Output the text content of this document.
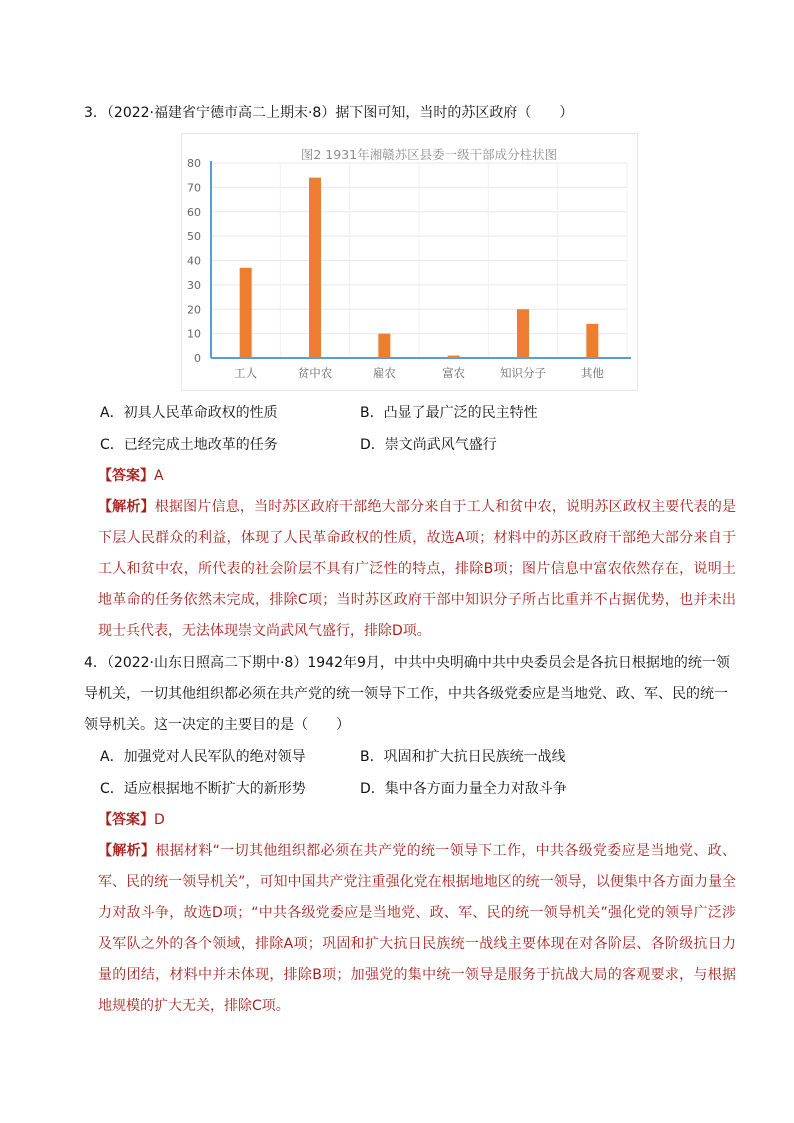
3．（2022·福建省宁德市高二上期末·8）据下图可知，当时的苏区政府（　　）
图2 1931年湘赣苏区县委一级干部成分柱状图
0
10
20
30
40
50
60
70
80
工人	贫中农	雇农	富农	知识分子	其他
A．初具人民革命政权的性质	B．凸显了最广泛的民主特性
C．已经完成土地改革的任务	D．崇文尚武风气盛行
【答案】A
【解析】根据图片信息，当时苏区政府干部绝大部分来自于工人和贫中农，说明苏区政权主要代表的是下层人民群众的利益，体现了人民革命政权的性质，故选A项；材料中的苏区政府干部绝大部分来自于工人和贫中农，所代表的社会阶层不具有广泛性的特点，排除B项；图片信息中富农依然存在，说明土地革命的任务依然未完成，排除C项；当时苏区政府干部中知识分子所占比重并不占据优势，也并未出现士兵代表，无法体现崇文尚武风气盛行，排除D项。
4．（2022·山东日照高二下期中·8）1942年9月，中共中央明确中共中央委员会是各抗日根据地的统一领导机关，一切其他组织都必须在共产党的统一领导下工作，中共各级党委应是当地党、政、军、民的统一领导机关。这一决定的主要目的是（　　）
A．加强党对人民军队的绝对领导	B．巩固和扩大抗日民族统一战线
C．适应根据地不断扩大的新形势	D．集中各方面力量全力对敌斗争
【答案】D
【解析】根据材料“一切其他组织都必须在共产党的统一领导下工作，中共各级党委应是当地党、政、军、民的统一领导机关”，可知中国共产党注重强化党在根据地地区的统一领导，以便集中各方面力量全力对敌斗争，故选D项；“中共各级党委应是当地党、政、军、民的统一领导机关”强化党的领导广泛涉及军队之外的各个领域，排除A项；巩固和扩大抗日民族统一战线主要体现在对各阶层、各阶级抗日力量的团结，材料中并未体现，排除B项；加强党的集中统一领导是服务于抗战大局的客观要求，与根据地规模的扩大无关，排除C项。
